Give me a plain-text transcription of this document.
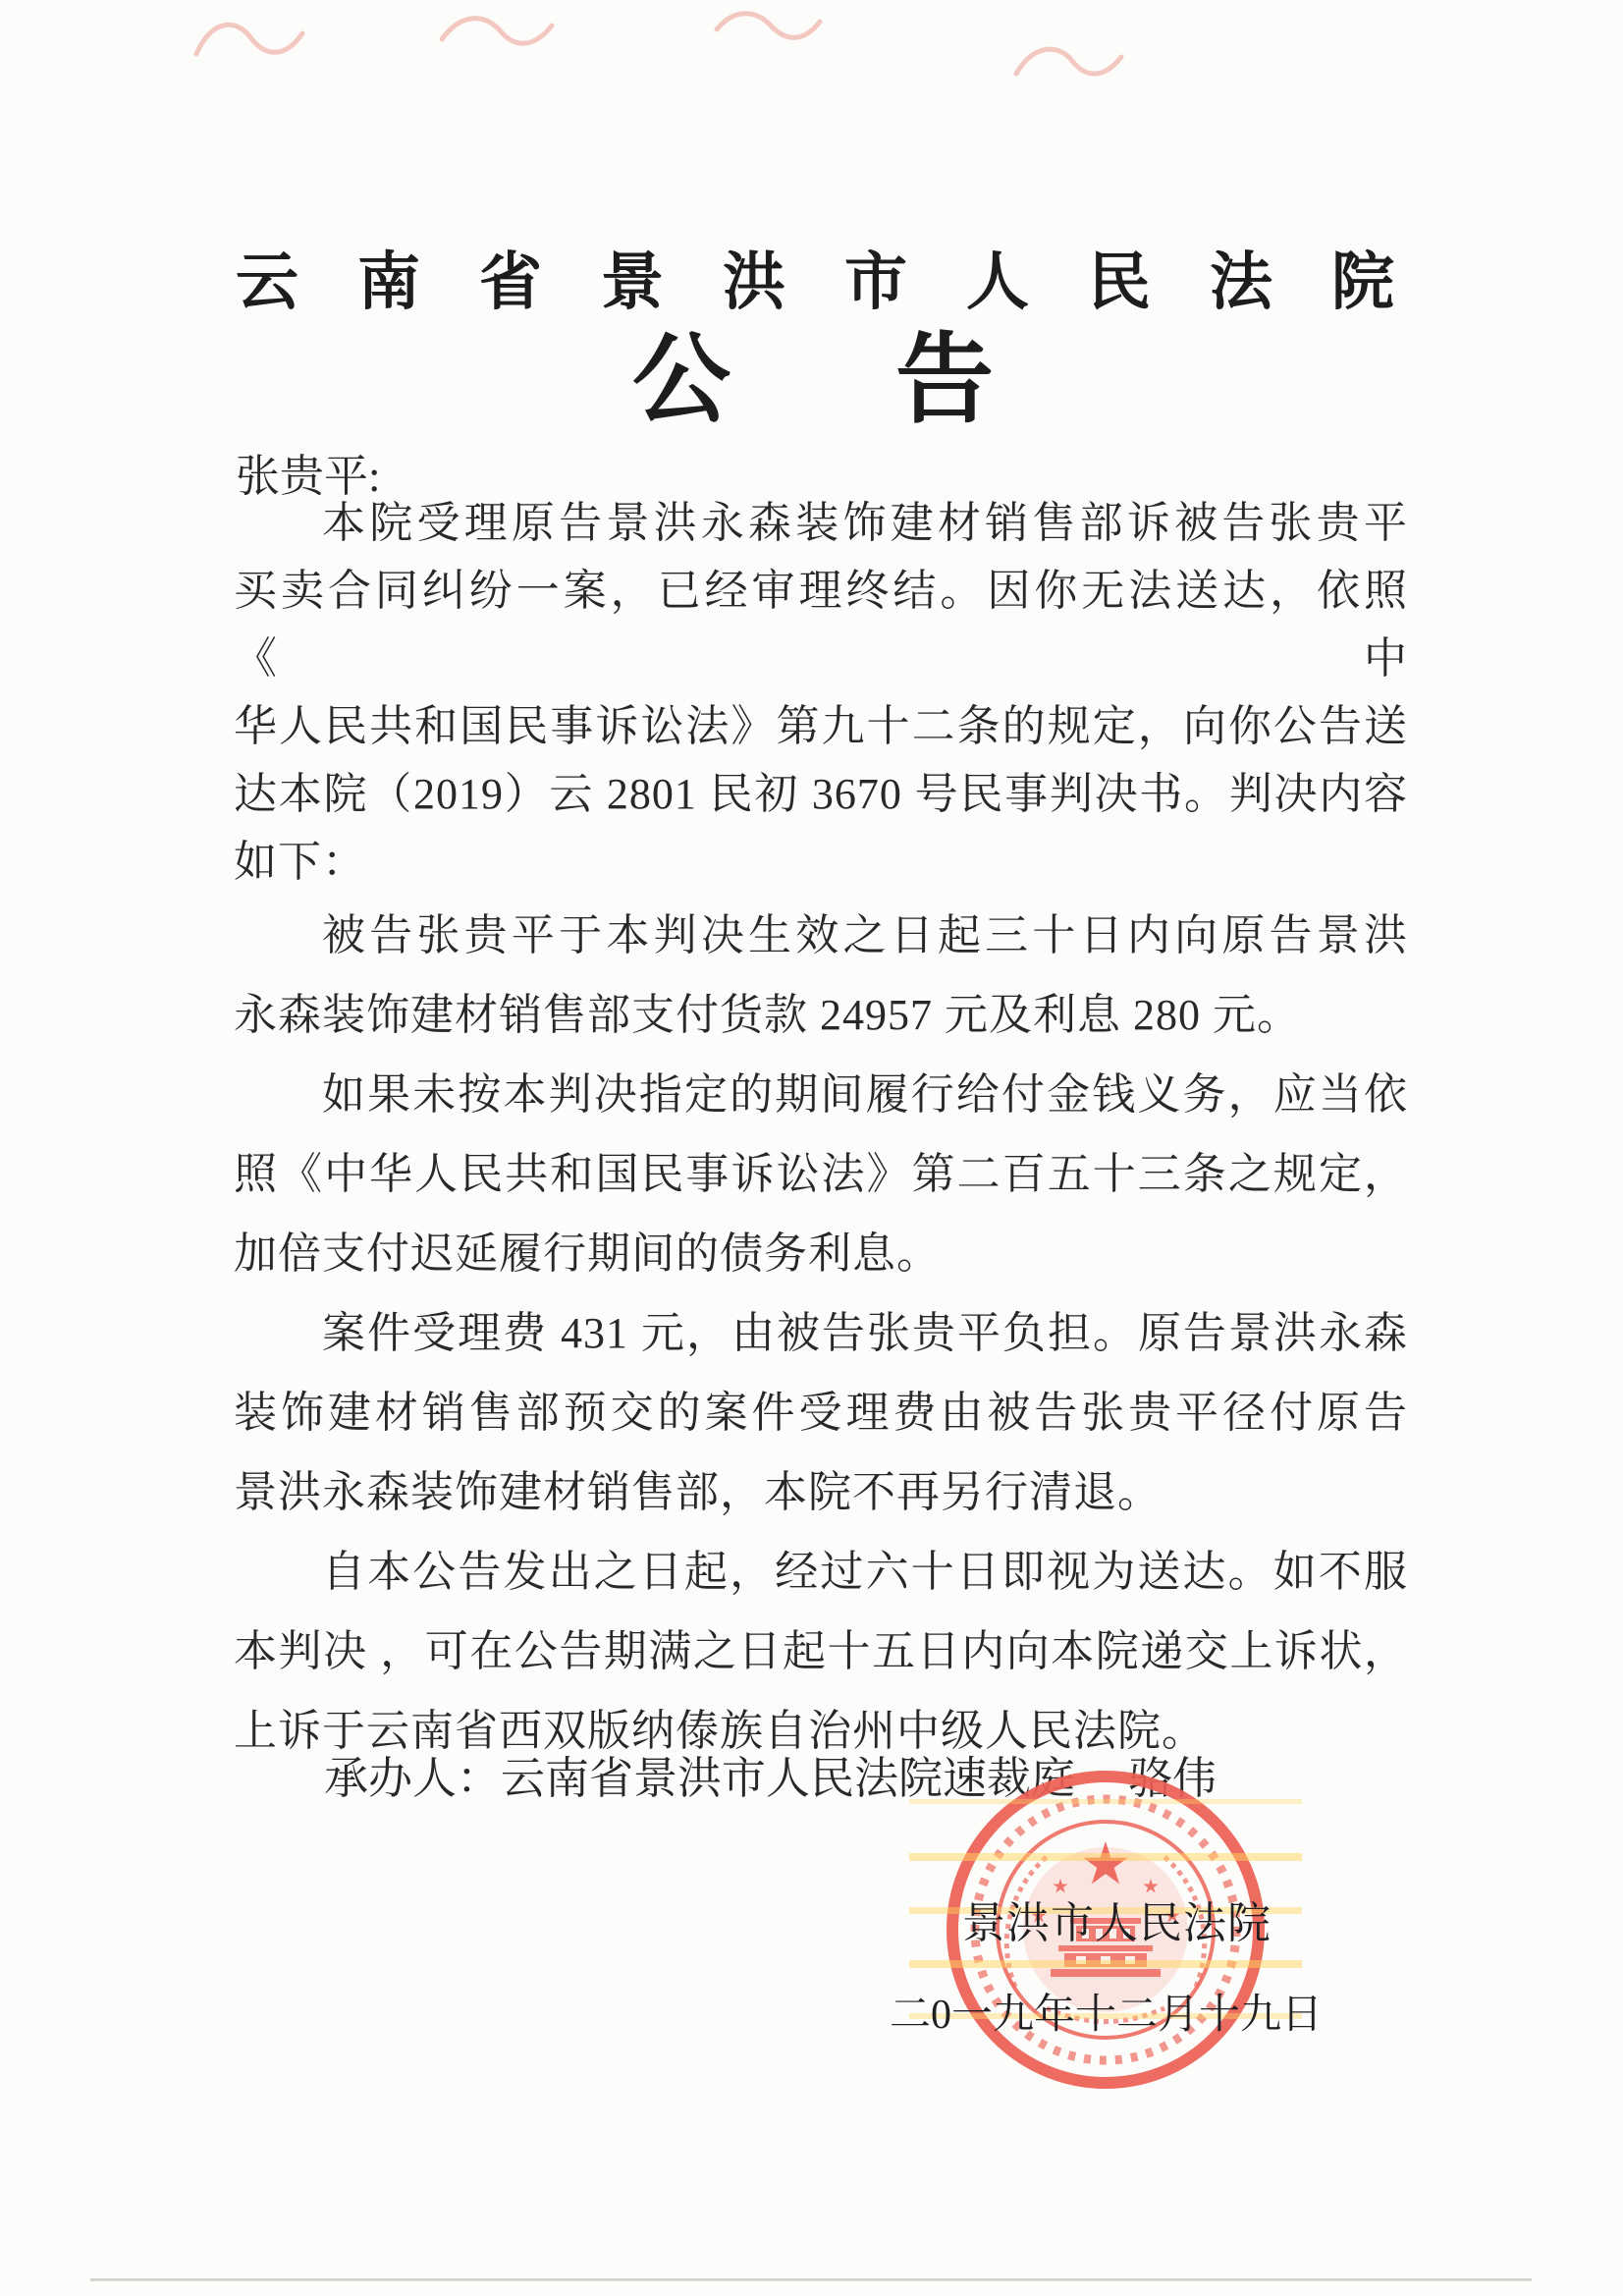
云南省景洪市人民法院
公告
张贵平:
本院受理原告景洪永森装饰建材销售部诉被告张贵平
买卖合同纠纷一案，已经审理终结。因你无法送达，依照《中
华人民共和国民事诉讼法》第九十二条的规定，向你公告送
达本院（2019）云 2801 民初 3670 号民事判决书。判决内容
如下：
被告张贵平于本判决生效之日起三十日内向原告景洪
永森装饰建材销售部支付货款 24957 元及利息 280 元。
如果未按本判决指定的期间履行给付金钱义务，应当依
照《中华人民共和国民事诉讼法》第二百五十三条之规定，
加倍支付迟延履行期间的债务利息。
案件受理费 431 元，由被告张贵平负担。原告景洪永森
装饰建材销售部预交的案件受理费由被告张贵平径付原告
景洪永森装饰建材销售部，本院不再另行清退。
自本公告发出之日起，经过六十日即视为送达。如不服
本判决 ，可在公告期满之日起十五日内向本院递交上诉状，
上诉于云南省西双版纳傣族自治州中级人民法院。
承办人：云南省景洪市人民法院速裁庭 骆伟
景洪市人民法院
二0一九年十二月十九日
